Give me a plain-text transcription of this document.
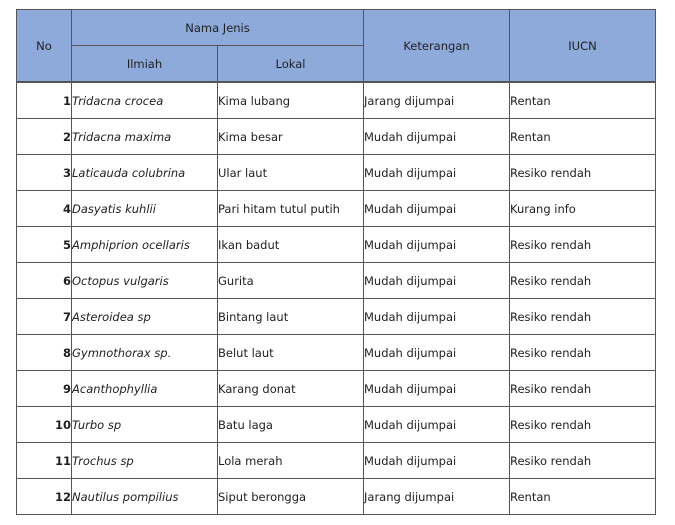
No	Nama Jenis		Keterangan	IUCN
	Ilmiah	Lokal		
1	Tridacna crocea	Kima lubang	Jarang dijumpai	Rentan
2	Tridacna maxima	Kima besar	Mudah dijumpai	Rentan
3	Laticauda colubrina	Ular laut	Mudah dijumpai	Resiko rendah
4	Dasyatis kuhlii	Pari hitam tutul putih	Mudah dijumpai	Kurang info
5	Amphiprion ocellaris	Ikan badut	Mudah dijumpai	Resiko rendah
6	Octopus vulgaris	Gurita	Mudah dijumpai	Resiko rendah
7	Asteroidea sp	Bintang laut	Mudah dijumpai	Resiko rendah
8	Gymnothorax sp.	Belut laut	Mudah dijumpai	Resiko rendah
9	Acanthophyllia	Karang donat	Mudah dijumpai	Resiko rendah
10	Turbo sp	Batu laga	Mudah dijumpai	Resiko rendah
11	Trochus sp	Lola merah	Mudah dijumpai	Resiko rendah
12	Nautilus pompilius	Siput berongga	Jarang dijumpai	Rentan
